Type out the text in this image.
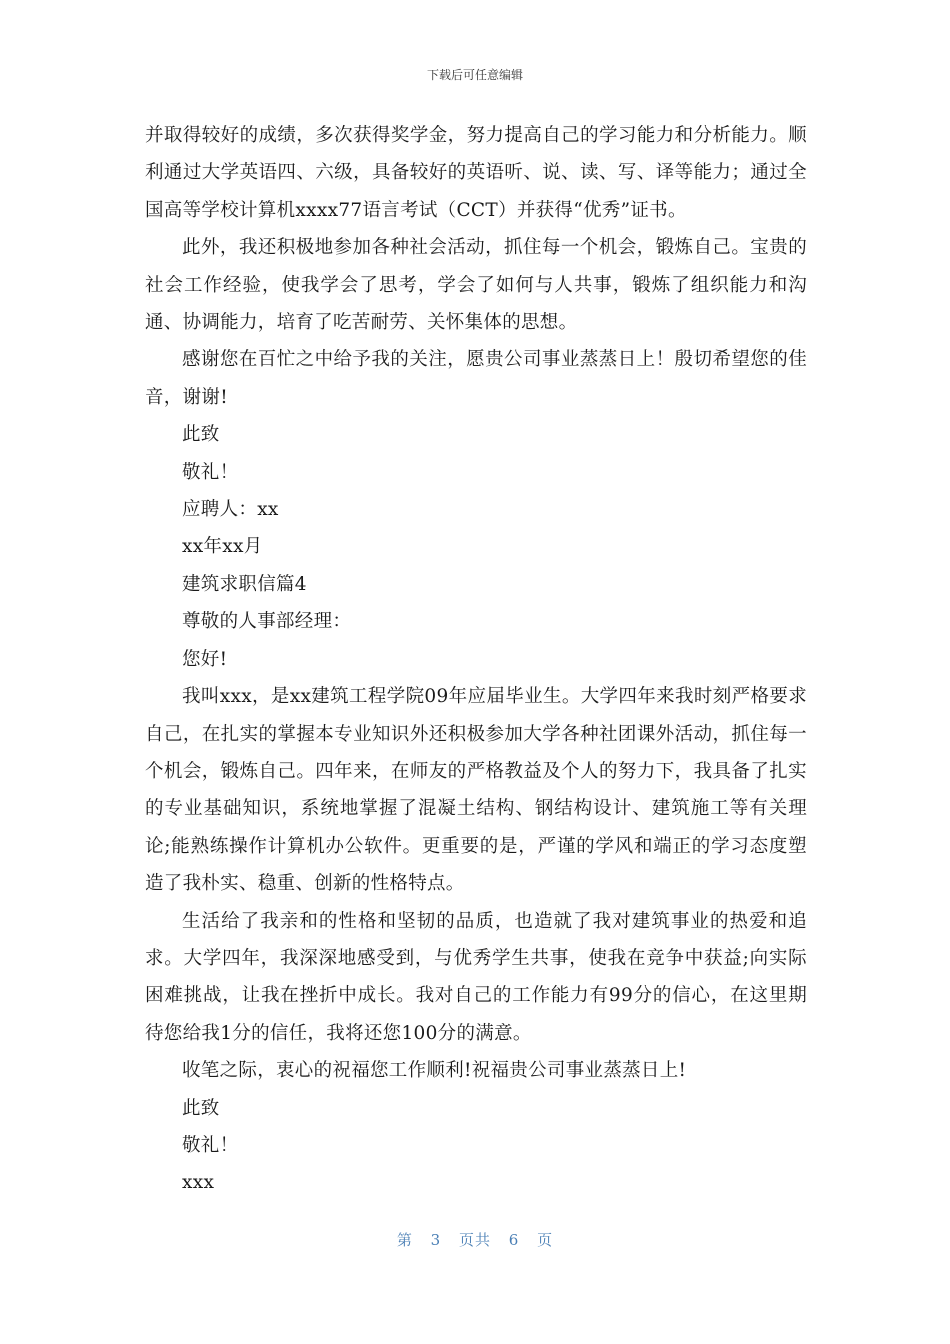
下载后可任意编辑

并取得较好的成绩，多次获得奖学金，努力提高自己的学习能力和分析能力。顺利通过大学英语四、六级，具备较好的英语听、说、读、写、译等能力；通过全国高等学校计算机xxxx77语言考试（CCT）并获得“优秀”证书。

此外，我还积极地参加各种社会活动，抓住每一个机会，锻炼自己。宝贵的社会工作经验，使我学会了思考，学会了如何与人共事，锻炼了组织能力和沟通、协调能力，培育了吃苦耐劳、关怀集体的思想。

感谢您在百忙之中给予我的关注，愿贵公司事业蒸蒸日上！殷切希望您的佳音，谢谢!

此致

敬礼！

应聘人：xx

xx年xx月

建筑求职信篇4

尊敬的人事部经理：

您好!

我叫xxx，是xx建筑工程学院09年应届毕业生。大学四年来我时刻严格要求自己，在扎实的掌握本专业知识外还积极参加大学各种社团课外活动，抓住每一个机会，锻炼自己。四年来，在师友的严格教益及个人的努力下，我具备了扎实的专业基础知识，系统地掌握了混凝土结构、钢结构设计、建筑施工等有关理论;能熟练操作计算机办公软件。更重要的是，严谨的学风和端正的学习态度塑造了我朴实、稳重、创新的性格特点。

生活给了我亲和的性格和坚韧的品质，也造就了我对建筑事业的热爱和追求。大学四年，我深深地感受到，与优秀学生共事，使我在竞争中获益;向实际困难挑战，让我在挫折中成长。我对自己的工作能力有99分的信心，在这里期待您给我1分的信任，我将还您100分的满意。

收笔之际，衷心的祝福您工作顺利!祝福贵公司事业蒸蒸日上!

此致

敬礼！

xxx

第 3 页共 6 页
